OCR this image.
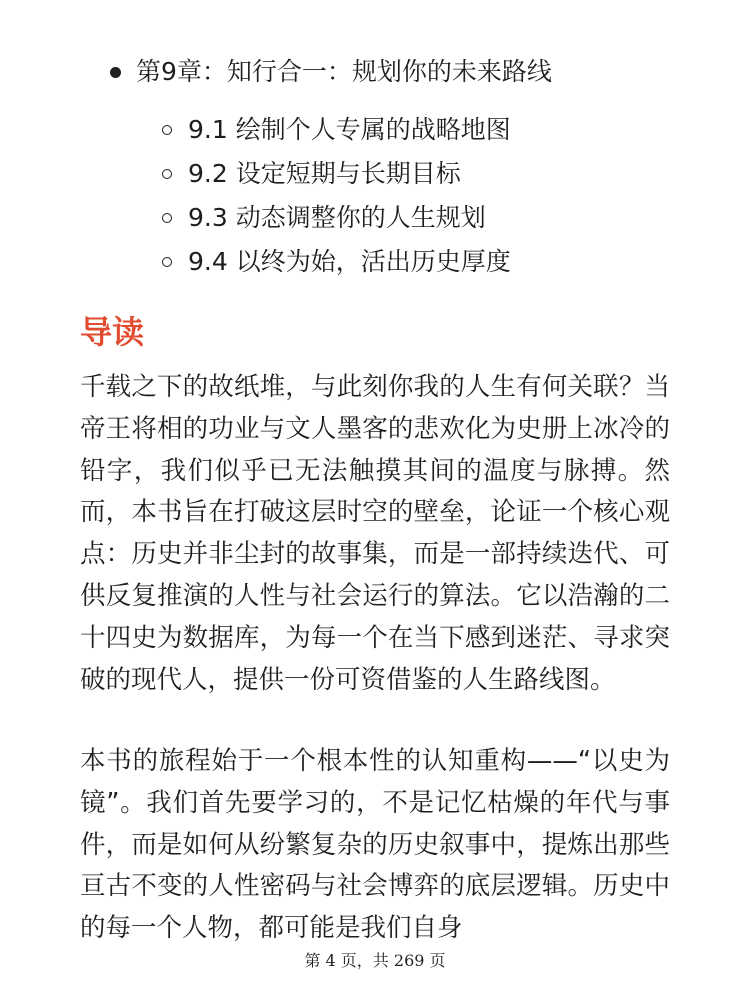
第9章：知行合一：规划你的未来路线
9.1 绘制个人专属的战略地图
9.2 设定短期与长期目标
9.3 动态调整你的人生规划
9.4 以终为始，活出历史厚度
导读

千载之下的故纸堆，与此刻你我的人生有何关联？当帝王将相的功业与文人墨客的悲欢化为史册上冰冷的铅字，我们似乎已无法触摸其间的温度与脉搏。然而，本书旨在打破这层时空的壁垒，论证一个核心观点：历史并非尘封的故事集，而是一部持续迭代、可供反复推演的人性与社会运行的算法。它以浩瀚的二十四史为数据库，为每一个在当下感到迷茫、寻求突破的现代人，提供一份可资借鉴的人生路线图。

本书的旅程始于一个根本性的认知重构——“以史为镜”。我们首先要学习的，不是记忆枯燥的年代与事件，而是如何从纷繁复杂的历史叙事中，提炼出那些亘古不变的人性密码与社会博弈的底层逻辑。历史中的每一个人物，都可能是我们自身

第 4 页，共 269 页
